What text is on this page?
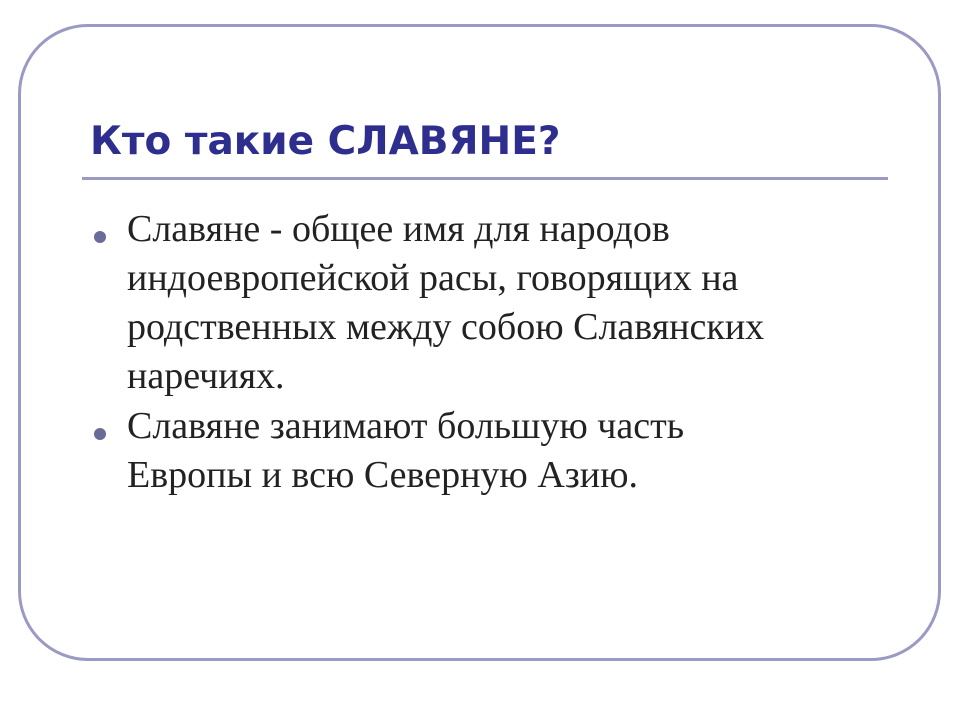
Кто такие СЛАВЯНЕ?
Славяне - общее имя для народов
индоевропейской расы, говорящих на
родственных между собою Славянских
наречиях.
Славяне занимают большую часть
Европы и всю Северную Азию.
